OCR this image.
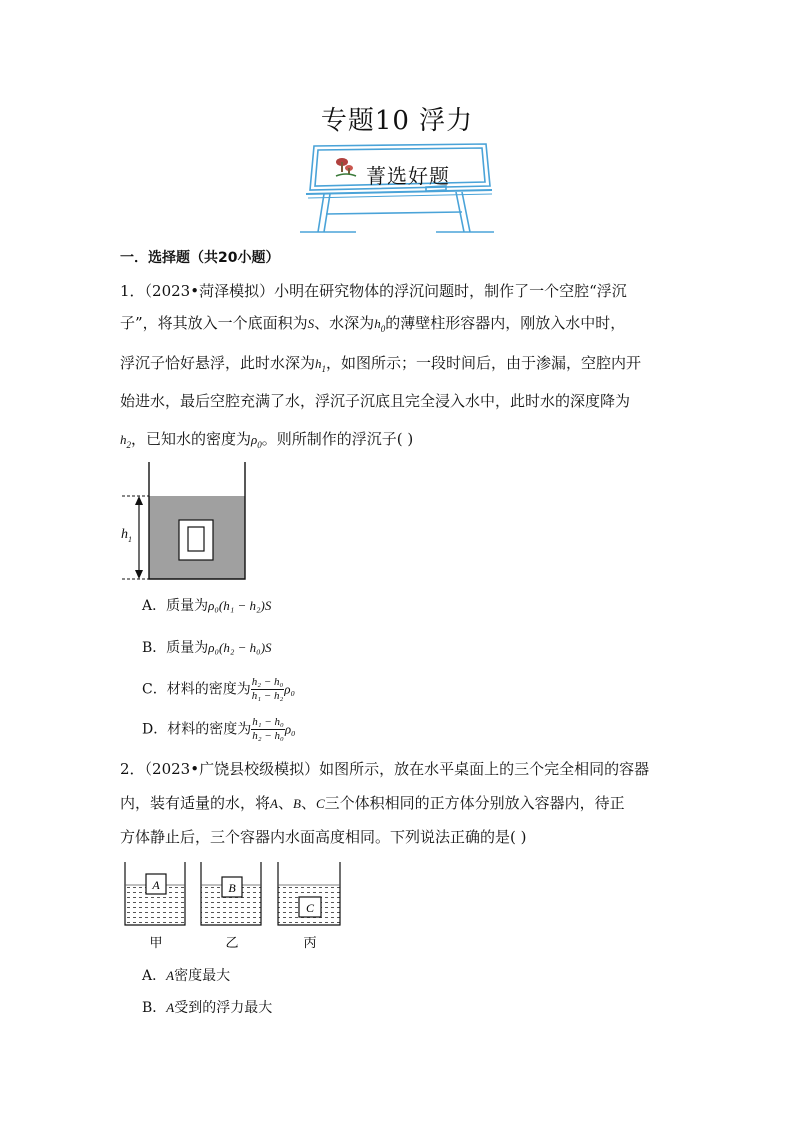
专题10 浮力
菁选好题
一．选择题（共20小题）
1．（2023•菏泽模拟）小明在研究物体的浮沉问题时，制作了一个空腔“浮沉
子”，将其放入一个底面积为S、水深为$h_0$的薄壁柱形容器内，刚放入水中时，
浮沉子恰好悬浮，此时水深为$h_1$，如图所示；一段时间后，由于渗漏，空腔内开
始进水，最后空腔充满了水，浮沉子沉底且完全浸入水中，此时水的深度降为
$h_2$，已知水的密度为$\rho_0$。则所制作的浮沉子( )
$h_1$
A．质量为ρ₀(h₁ − h₂)S
B．质量为ρ₀(h₂ − h₀)S
C．材料的密度为 $\frac{\text{h₂ − h₀}}{\text{h₁ − h₂}} \rho_0$
D．材料的密度为 $\frac{\text{h₁ − h₀}}{\text{h₂ − h₀}} \rho_0$
2．（2023•广饶县校级模拟）如图所示，放在水平桌面上的三个完全相同的容器
内，装有适量的水，将A、B、C三个体积相同的正方体分别放入容器内，待正
方体静止后，三个容器内水面高度相同。下列说法正确的是( )
A	B
C
甲	乙	丙
A．A密度最大
B．A受到的浮力最大
